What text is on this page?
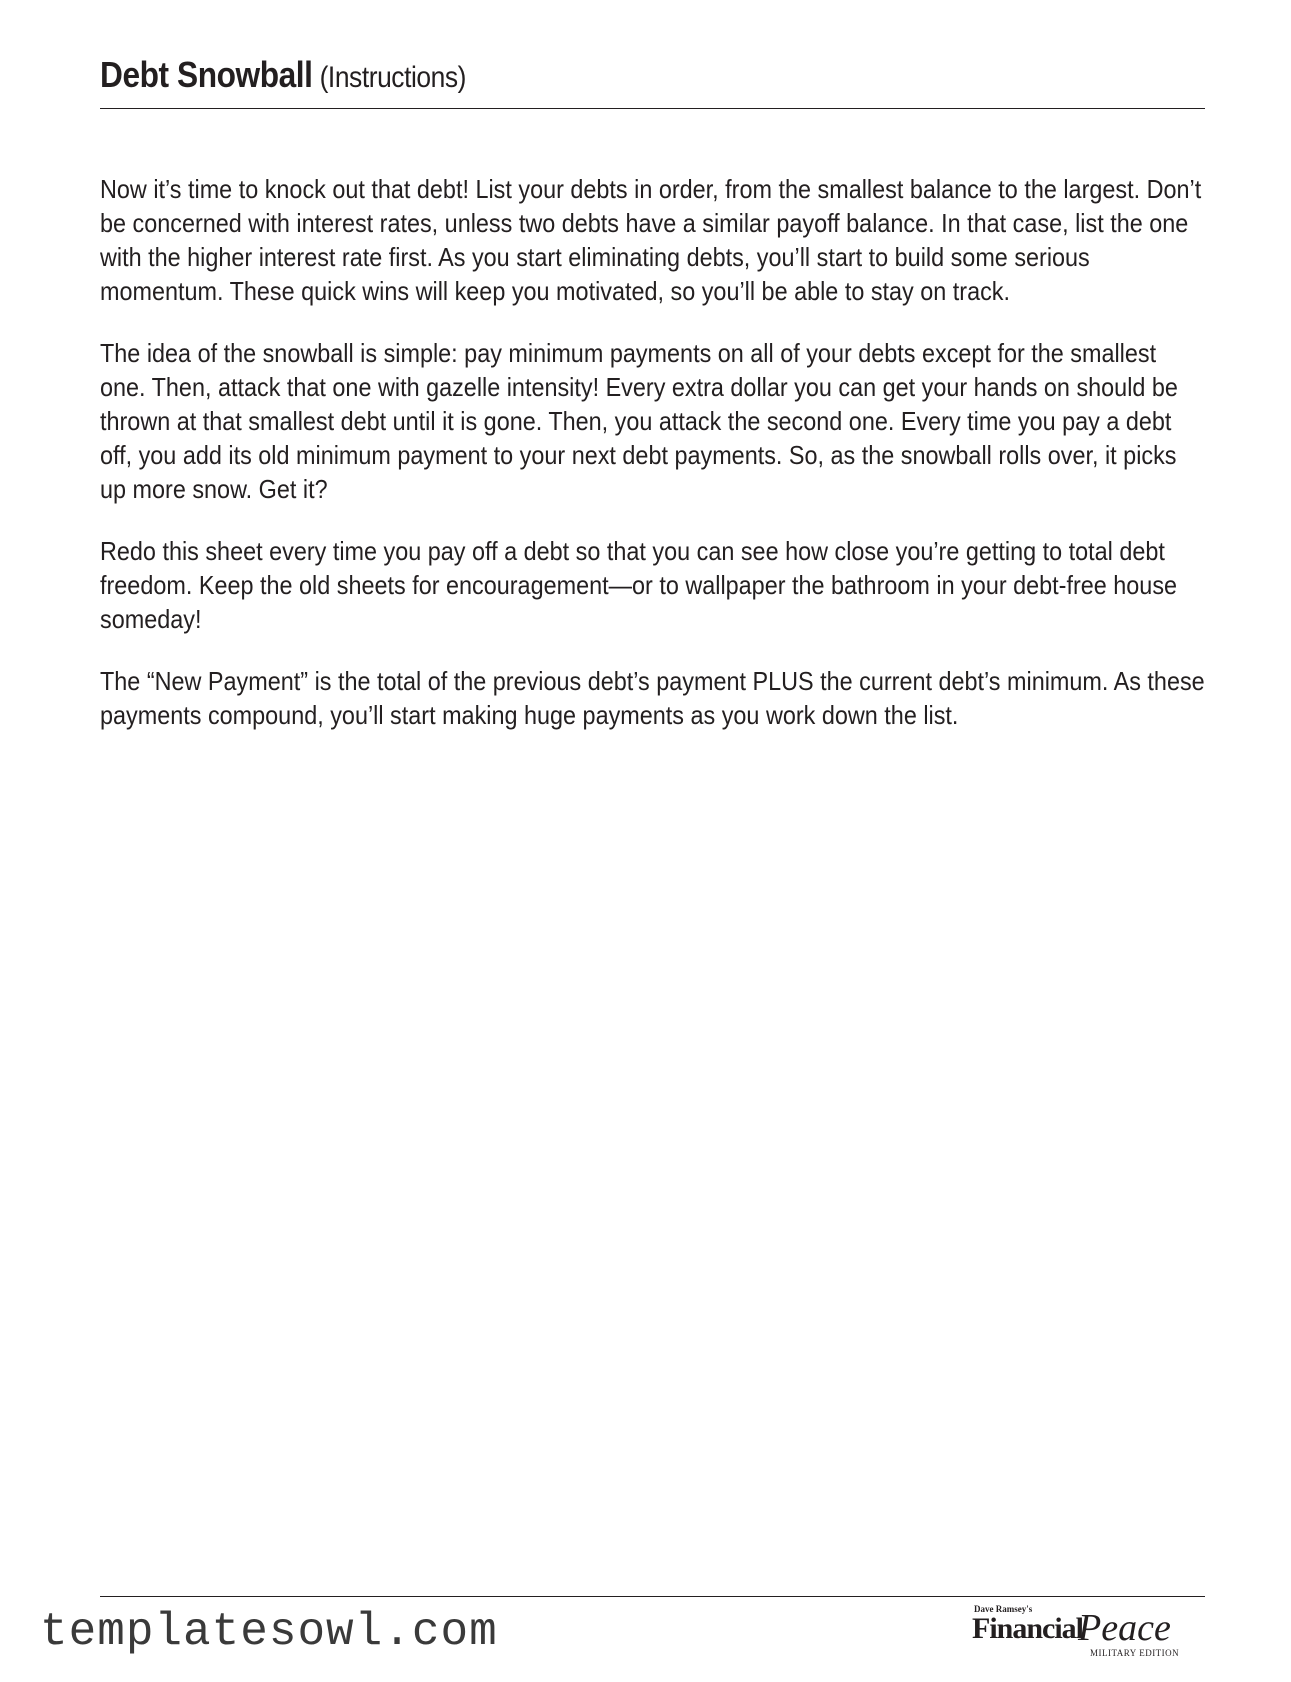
Debt Snowball (Instructions)

Now it’s time to knock out that debt! List your debts in order, from the smallest balance to the largest. Don’t be concerned with interest rates, unless two debts have a similar payoff balance. In that case, list the one with the higher interest rate first. As you start eliminating debts, you’ll start to build some serious momentum. These quick wins will keep you motivated, so you’ll be able to stay on track.

The idea of the snowball is simple: pay minimum payments on all of your debts except for the smallest one. Then, attack that one with gazelle intensity! Every extra dollar you can get your hands on should be thrown at that smallest debt until it is gone. Then, you attack the second one. Every time you pay a debt off, you add its old minimum payment to your next debt payments. So, as the snowball rolls over, it picks up more snow. Get it?

Redo this sheet every time you pay off a debt so that you can see how close you’re getting to total debt freedom. Keep the old sheets for encouragement—or to wallpaper the bathroom in your debt-free house someday!

The “New Payment” is the total of the previous debt’s payment PLUS the current debt’s minimum. As these payments compound, you’ll start making huge payments as you work down the list.

templatesowl.com	Dave Ramsey's
Financial
Peace
MILITARY EDITION
